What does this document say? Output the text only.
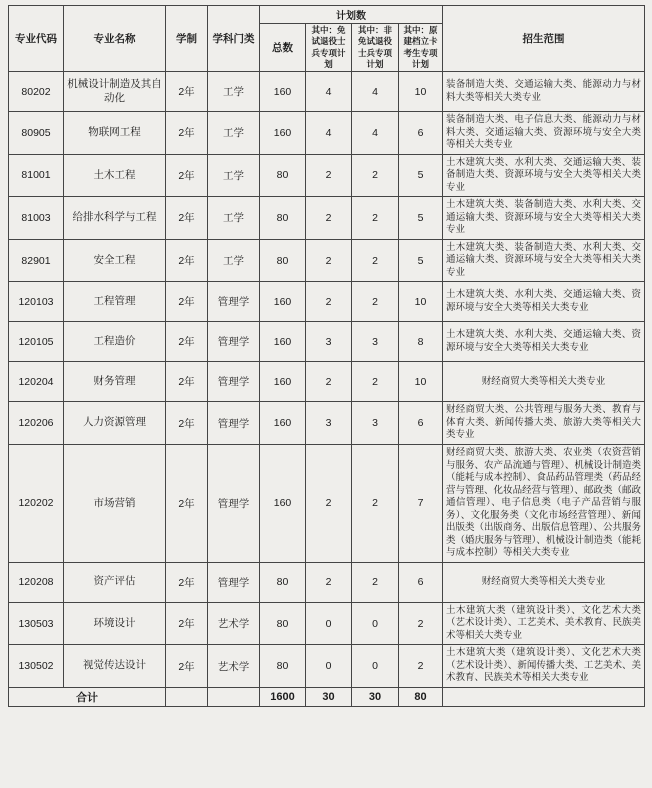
专业代码	专业名称	学制	学科门类	计划数				招生范围
				总数	其中：免试退役士兵专项计划	其中：非免试退役士兵专项计划	其中：原建档立卡考生专项计划	
80202	机械设计制造及其自动化	2年	工学	160	4	4	10	装备制造大类、交通运输大类、能源动力与材料大类等相关大类专业
80905	物联网工程	2年	工学	160	4	4	6	装备制造大类、电子信息大类、能源动力与材料大类、交通运输大类、资源环境与安全大类等相关大类专业
81001	土木工程	2年	工学	80	2	2	5	土木建筑大类、水利大类、交通运输大类、装备制造大类、资源环境与安全大类等相关大类专业
81003	给排水科学与工程	2年	工学	80	2	2	5	土木建筑大类、装备制造大类、水利大类、交通运输大类、资源环境与安全大类等相关大类专业
82901	安全工程	2年	工学	80	2	2	5	土木建筑大类、装备制造大类、水利大类、交通运输大类、资源环境与安全大类等相关大类专业
120103	工程管理	2年	管理学	160	2	2	10	土木建筑大类、水利大类、交通运输大类、资源环境与安全大类等相关大类专业
120105	工程造价	2年	管理学	160	3	3	8	土木建筑大类、水利大类、交通运输大类、资源环境与安全大类等相关大类专业
120204	财务管理	2年	管理学	160	2	2	10	财经商贸大类等相关大类专业
120206	人力资源管理	2年	管理学	160	3	3	6	财经商贸大类、公共管理与服务大类、教育与体育大类、新闻传播大类、旅游大类等相关大类专业
120202	市场营销	2年	管理学	160	2	2	7	财经商贸大类、旅游大类、农业类（农资营销与服务、农产品流通与管理）、机械设计制造类（能耗与成本控制）、食品药品管理类（药品经营与管理、化妆品经营与管理）、邮政类（邮政通信管理）、电子信息类（电子产品营销与服务）、文化服务类（文化市场经营管理）、新闻出版类（出版商务、出版信息管理）、公共服务类（婚庆服务与管理）、机械设计制造类（能耗与成本控制）等相关大类专业
120208	资产评估	2年	管理学	80	2	2	6	财经商贸大类等相关大类专业
130503	环境设计	2年	艺术学	80	0	0	2	土木建筑大类（建筑设计类）、文化艺术大类（艺术设计类）、工艺美术、美术教育、民族美术等相关大类专业
130502	视觉传达设计	2年	艺术学	80	0	0	2	土木建筑大类（建筑设计类）、文化艺术大类（艺术设计类）、新闻传播大类、工艺美术、美术教育、民族美术等相关大类专业
合计				1600	30	30	80	
